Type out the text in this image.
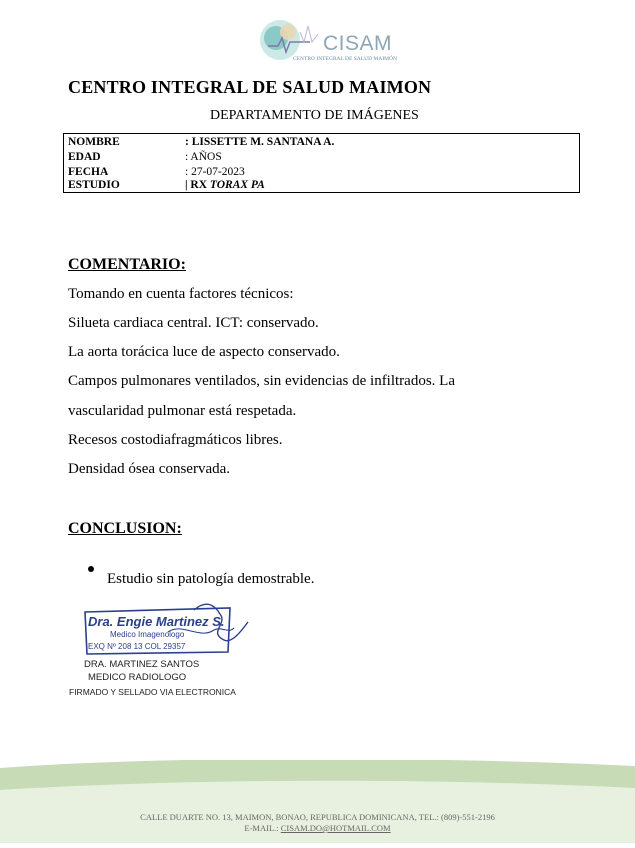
CISAM
CENTRO INTEGRAL DE SALUD MAIMÓN
CENTRO INTEGRAL DE SALUD MAIMON
DEPARTAMENTO DE IMÁGENES
NOMBRE	: LISSETTE M. SANTANA A.
EDAD	: AÑOS
FECHA	: 27-07-2023
ESTUDIO	| RX TORAX PA
COMENTARIO:
Tomando en cuenta factores técnicos:
Silueta cardiaca central. ICT: conservado.
La aorta torácica luce de aspecto conservado.
Campos pulmonares ventilados, sin evidencias de infiltrados. La
vascularidad pulmonar está respetada.
Recesos costodiafragmáticos libres.
Densidad ósea conservada.
CONCLUSION:
Estudio sin patología demostrable.
Dra. Engie Martinez S.
Medico Imagenologo
EXQ Nº 208 13 COL 29357
DRA. MARTINEZ SANTOS
MEDICO RADIOLOGO
FIRMADO Y SELLADO VIA ELECTRONICA
CALLE DUARTE NO. 13, MAIMON, BONAO, REPUBLICA DOMINICANA, TEL.: (809)-551-2196
E-MAIL.: CISAM.DO@HOTMAIL.COM
